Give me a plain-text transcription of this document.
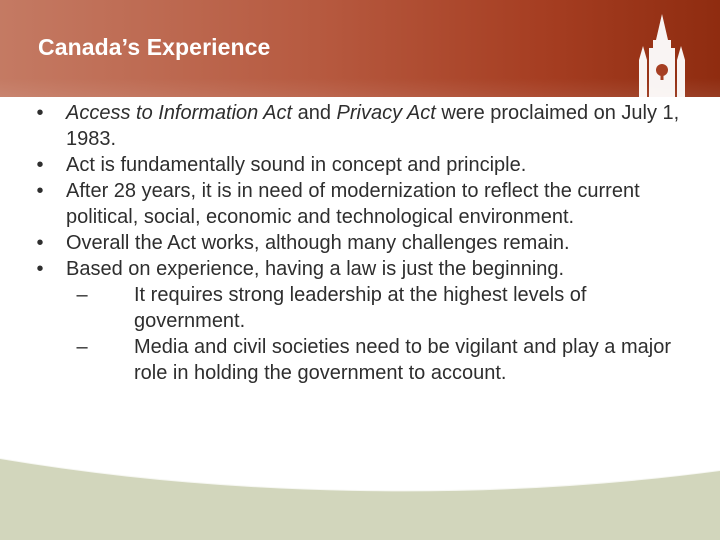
Canada’s Experience
•	Access to Information Act and Privacy Act were proclaimed on July 1, 1983.
•	Act is fundamentally sound in concept and principle.
•	After 28 years, it is in need of modernization to reflect the current political, social, economic and technological environment.
•	Overall the Act works, although many challenges remain.
•	Based on experience, having a law is just the beginning.
–	It requires strong leadership at the highest levels of government.
–	Media and civil societies need to be vigilant and play a major role in holding the government to account.
